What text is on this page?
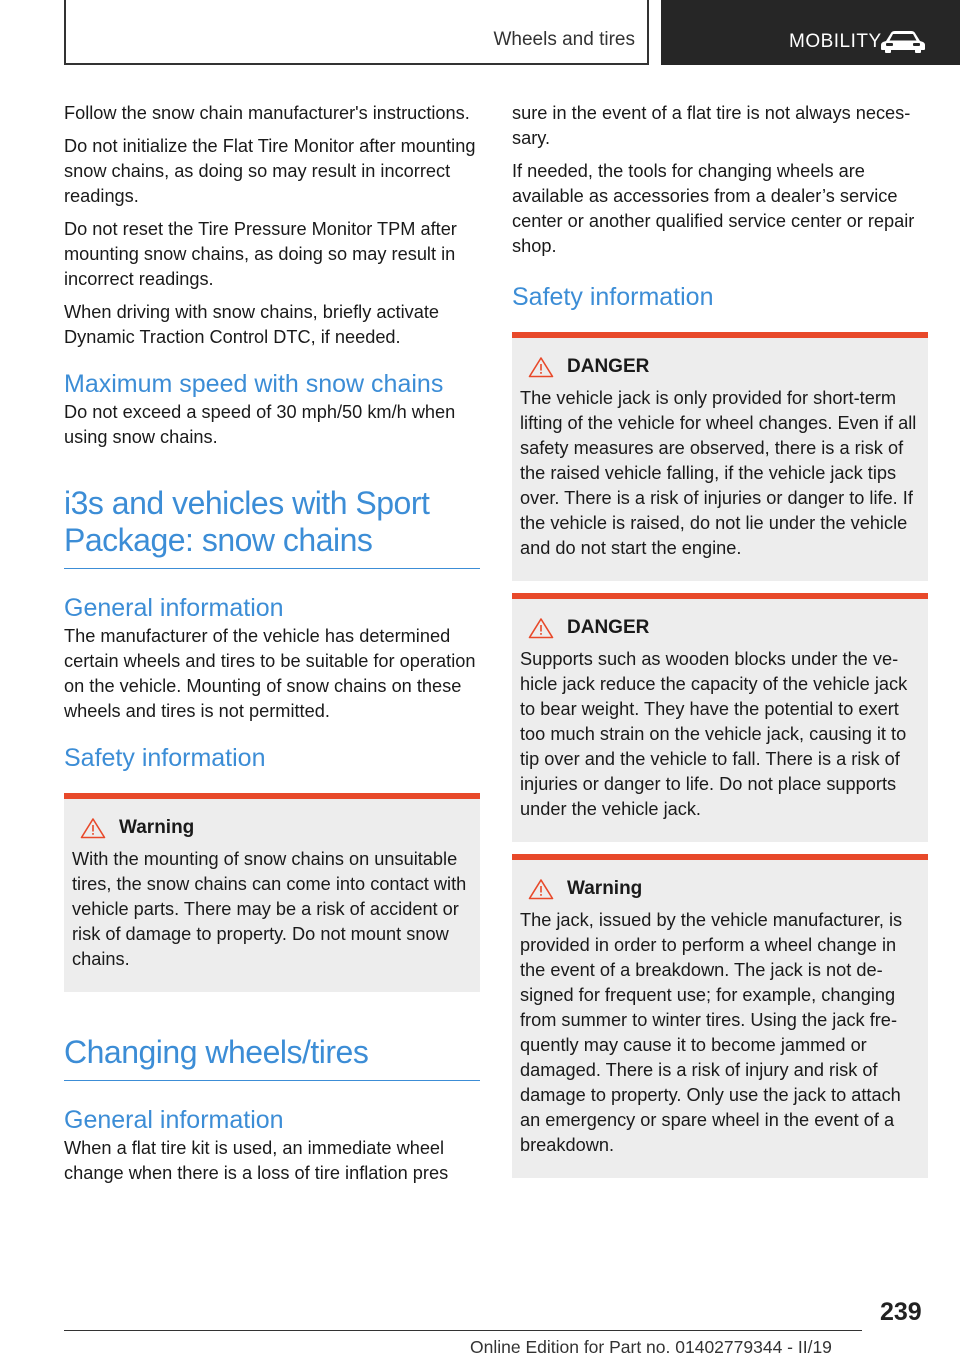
Wheels and tires	MOBILITY

Follow the snow chain manufacturer's instructions.

Do not initialize the Flat Tire Monitor after mounting snow chains, as doing so may result in incorrect readings.

Do not reset the Tire Pressure Monitor TPM after mounting snow chains, as doing so may result in incorrect readings.

When driving with snow chains, briefly activate Dynamic Traction Control DTC, if needed.

Maximum speed with snow chains

Do not exceed a speed of 30 mph/50 km/h when using snow chains.

i3s and vehicles with Sport Package: snow chains
General information

The manufacturer of the vehicle has determined certain wheels and tires to be suitable for operation on the vehicle. Mounting of snow chains on these wheels and tires is not permitted.

Safety information
Warning

With the mounting of snow chains on unsuitable tires, the snow chains can come into contact with vehicle parts. There may be a risk of accident or risk of damage to property. Do not mount snow chains.

Changing wheels/tires
General information

When a flat tire kit is used, an immediate wheel change when there is a loss of tire inflation pres

sure in the event of a flat tire is not always necessary.

If needed, the tools for changing wheels are available as accessories from a dealer’s service center or another qualified service center or repair shop.

Safety information
DANGER

The vehicle jack is only provided for short-term lifting of the vehicle for wheel changes. Even if all safety measures are observed, there is a risk of the raised vehicle falling, if the vehicle jack tips over. There is a risk of injuries or danger to life. If the vehicle is raised, do not lie under the vehicle and do not start the engine.

DANGER

Supports such as wooden blocks under the vehicle jack reduce the capacity of the vehicle jack to bear weight. They have the potential to exert too much strain on the vehicle jack, causing it to tip over and the vehicle to fall. There is a risk of injuries or danger to life. Do not place supports under the vehicle jack.

Warning

The jack, issued by the vehicle manufacturer, is provided in order to perform a wheel change in the event of a breakdown. The jack is not designed for frequent use; for example, changing from summer to winter tires. Using the jack frequently may cause it to become jammed or damaged. There is a risk of injury and risk of damage to property. Only use the jack to attach an emergency or spare wheel in the event of a breakdown.

239
Online Edition for Part no. 01402779344 - II/19
